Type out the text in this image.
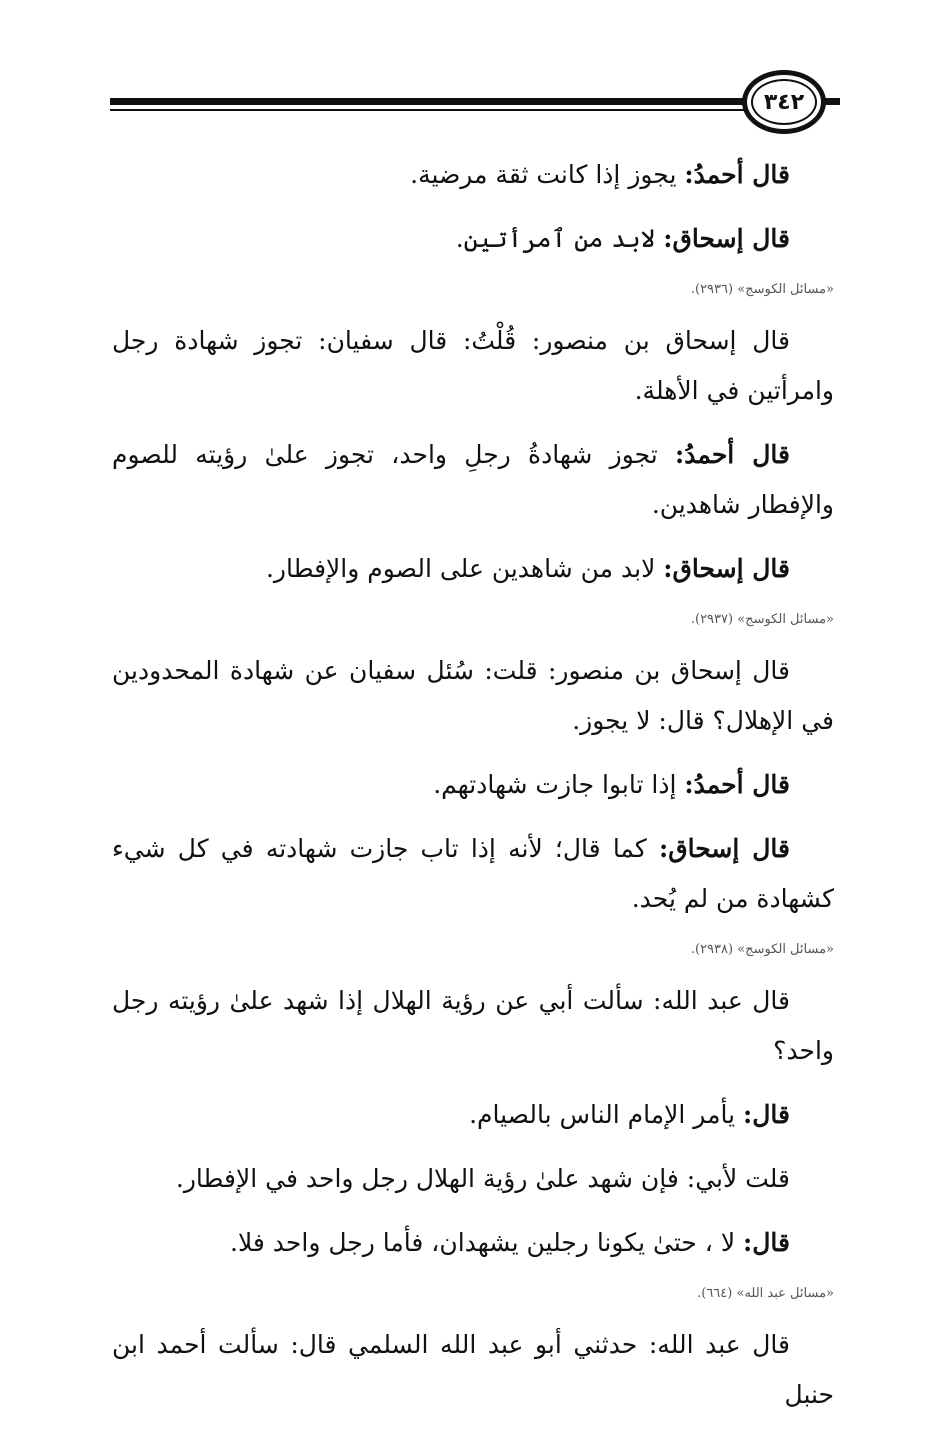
٣٤٢

قال أحمدُ: يجوز إذا كانت ثقة مرضية.

قال إسحاق: لابد من ٱمرأتين.

«مسائل الكوسج» (٢٩٣٦).

قال إسحاق بن منصور: قُلْتُ: قال سفيان: تجوز شهادة رجل وامرأتين في الأهلة.

قال أحمدُ: تجوز شهادةُ رجلِ واحد، تجوز علىٰ رؤيته للصوم والإفطار شاهدين.

قال إسحاق: لابد من شاهدين على الصوم والإفطار.

«مسائل الكوسج» (٢٩٣٧).

قال إسحاق بن منصور: قلت: سُئل سفيان عن شهادة المحدودين في الإهلال؟ قال: لا يجوز.

قال أحمدُ: إذا تابوا جازت شهادتهم.

قال إسحاق: كما قال؛ لأنه إذا تاب جازت شهادته في كل شيء كشهادة من لم يُحد.

«مسائل الكوسج» (٢٩٣٨).

قال عبد الله: سألت أبي عن رؤية الهلال إذا شهد علىٰ رؤيته رجل واحد؟

قال: يأمر الإمام الناس بالصيام.

قلت لأبي: فإن شهد علىٰ رؤية الهلال رجل واحد في الإفطار.

قال: لا ، حتىٰ يكونا رجلين يشهدان، فأما رجل واحد فلا.

«مسائل عبد الله» (٦٦٤).

قال عبد الله: حدثني أبو عبد الله السلمي قال: سألت أحمد ابن حنبل
